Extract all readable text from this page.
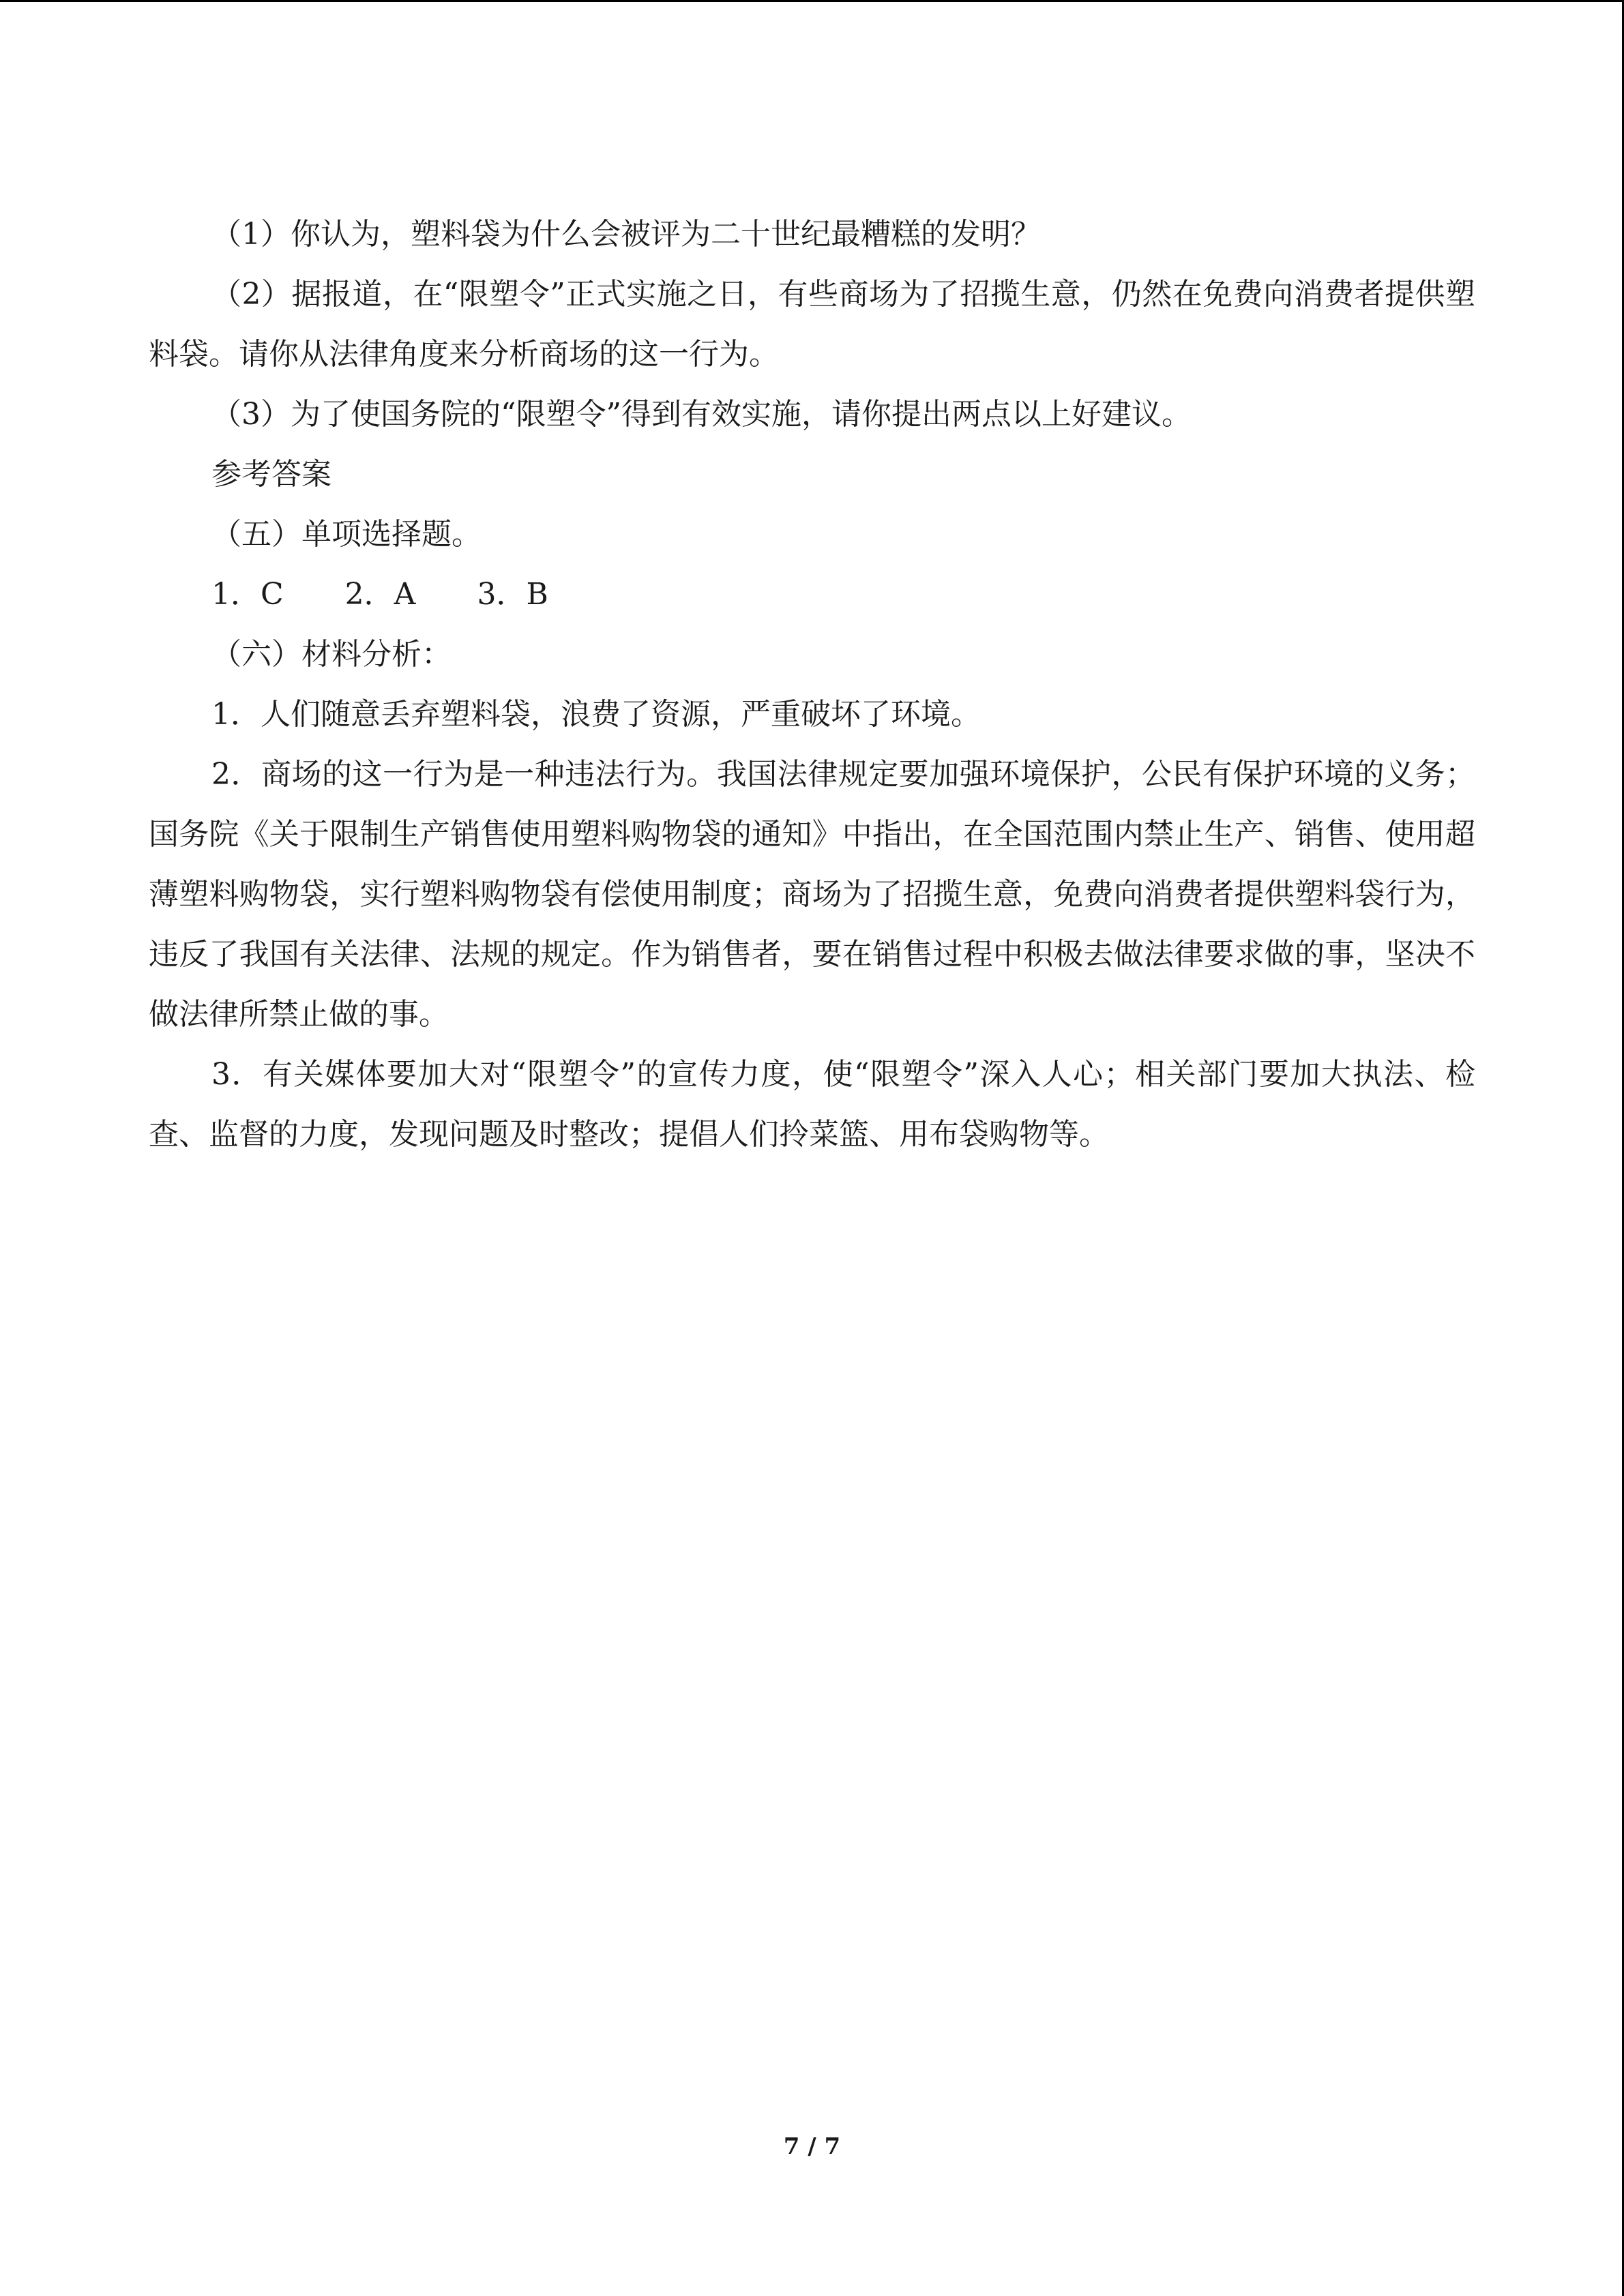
（1）你认为，塑料袋为什么会被评为二十世纪最糟糕的发明？

（2）据报道，在“限塑令”正式实施之日，有些商场为了招揽生意，仍然在免费向消费者提供塑料袋。请你从法律角度来分析商场的这一行为。

（3）为了使国务院的“限塑令”得到有效实施，请你提出两点以上好建议。

参考答案

（五）单项选择题。

1．C 2．A 3．B

（六）材料分析：

1．人们随意丢弃塑料袋，浪费了资源，严重破坏了环境。

2．商场的这一行为是一种违法行为。我国法律规定要加强环境保护，公民有保护环境的义务；国务院《关于限制生产销售使用塑料购物袋的通知》中指出，在全国范围内禁止生产、销售、使用超薄塑料购物袋，实行塑料购物袋有偿使用制度；商场为了招揽生意，免费向消费者提供塑料袋行为，违反了我国有关法律、法规的规定。作为销售者，要在销售过程中积极去做法律要求做的事，坚决不做法律所禁止做的事。

3．有关媒体要加大对“限塑令”的宣传力度，使“限塑令”深入人心；相关部门要加大执法、检查、监督的力度，发现问题及时整改；提倡人们拎菜篮、用布袋购物等。

7 / 7
